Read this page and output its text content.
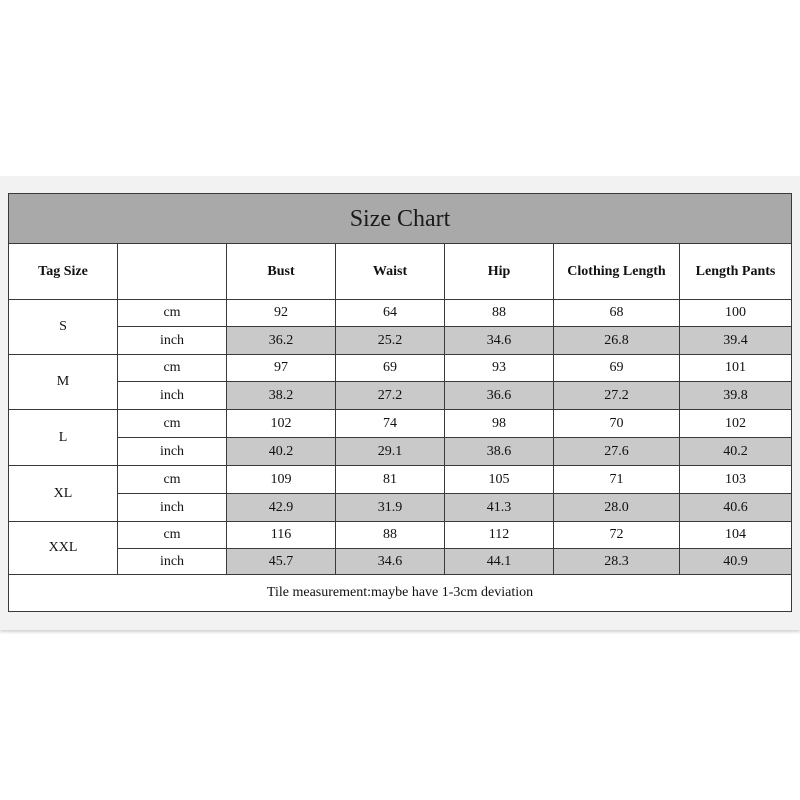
Size Chart						
Tag Size		Bust	Waist	Hip	Clothing Length	Length Pants
S	cm	92	64	88	68	100
	inch	36.2	25.2	34.6	26.8	39.4
M	cm	97	69	93	69	101
	inch	38.2	27.2	36.6	27.2	39.8
L	cm	102	74	98	70	102
	inch	40.2	29.1	38.6	27.6	40.2
XL	cm	109	81	105	71	103
	inch	42.9	31.9	41.3	28.0	40.6
XXL	cm	116	88	112	72	104
	inch	45.7	34.6	44.1	28.3	40.9
Tile measurement:maybe have 1-3cm deviation						
